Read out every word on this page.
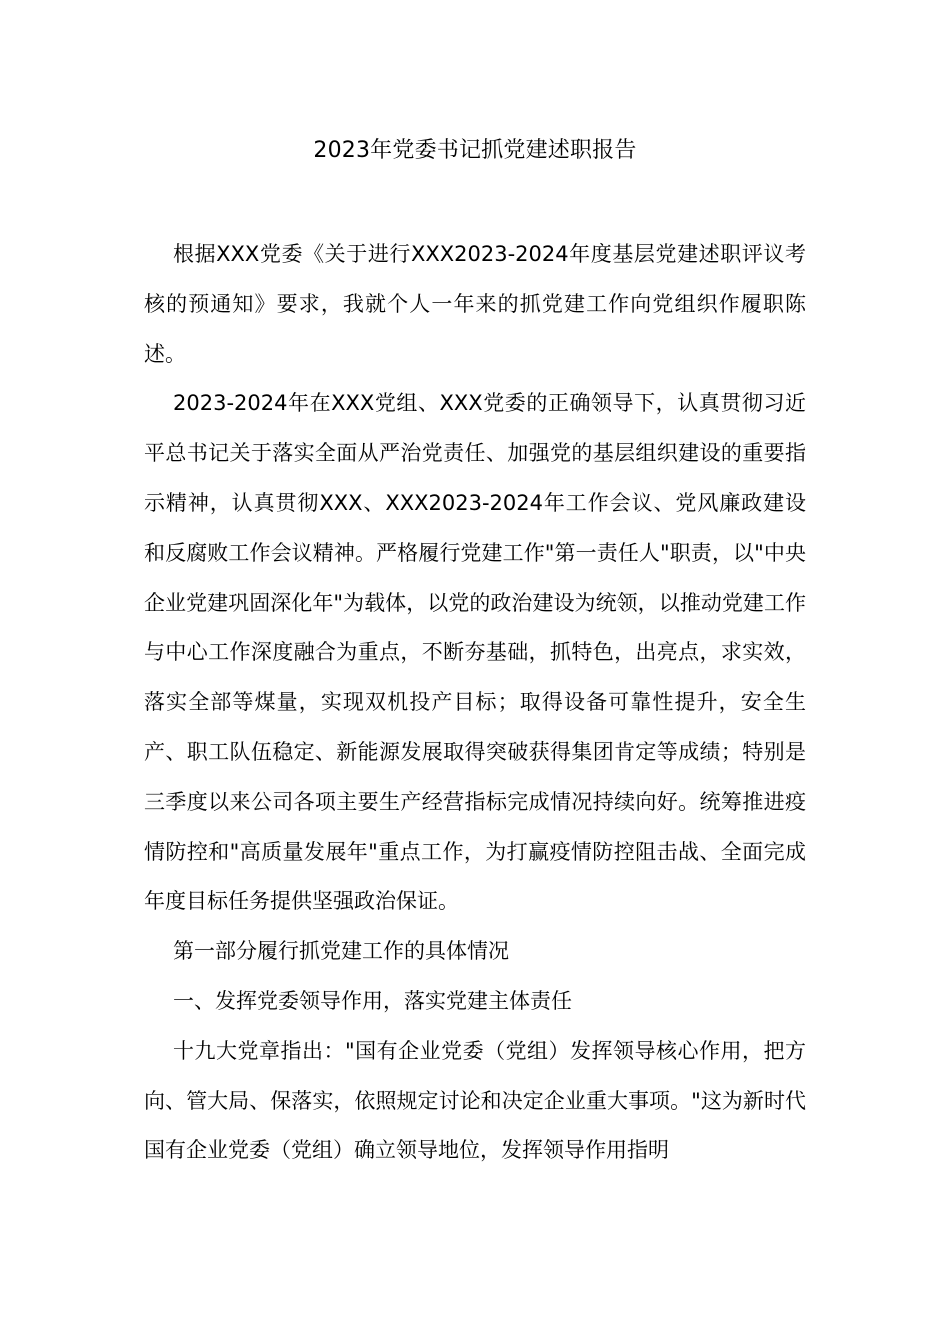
2023年党委书记抓党建述职报告

根据XXX党委《关于进行XXX2023-2024年度基层党建述职评议考核的预通知》要求，我就个人一年来的抓党建工作向党组织作履职陈述。

2023-2024年在XXX党组、XXX党委的正确领导下，认真贯彻习近平总书记关于落实全面从严治党责任、加强党的基层组织建设的重要指示精神，认真贯彻XXX、XXX2023-2024年工作会议、党风廉政建设和反腐败工作会议精神。严格履行党建工作"第一责任人"职责，以"中央企业党建巩固深化年"为载体，以党的政治建设为统领，以推动党建工作与中心工作深度融合为重点，不断夯基础，抓特色，出亮点，求实效，落实全部等煤量，实现双机投产目标；取得设备可靠性提升，安全生产、职工队伍稳定、新能源发展取得突破获得集团肯定等成绩；特别是三季度以来公司各项主要生产经营指标完成情况持续向好。统筹推进疫情防控和"高质量发展年"重点工作，为打赢疫情防控阻击战、全面完成年度目标任务提供坚强政治保证。

第一部分履行抓党建工作的具体情况

一、发挥党委领导作用，落实党建主体责任

十九大党章指出："国有企业党委（党组）发挥领导核心作用，把方向、管大局、保落实，依照规定讨论和决定企业重大事项。"这为新时代国有企业党委（党组）确立领导地位，发挥领导作用指明
